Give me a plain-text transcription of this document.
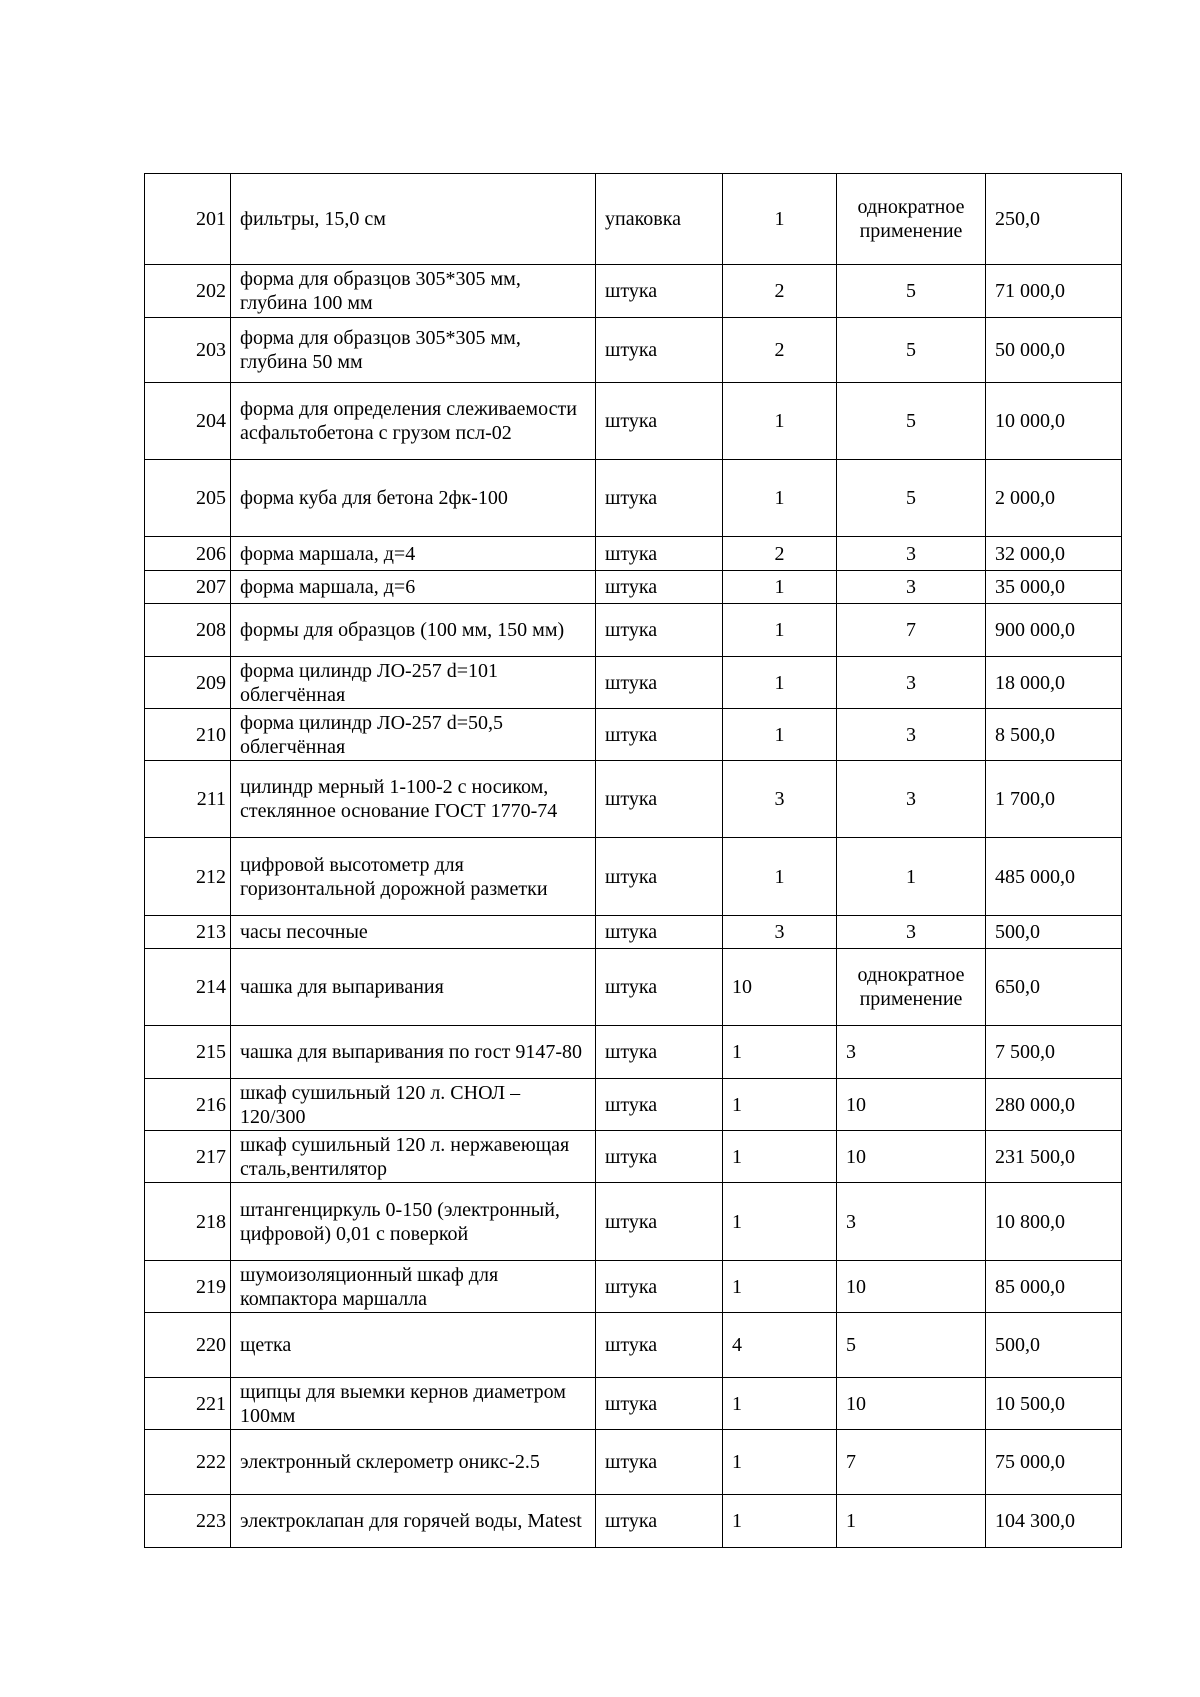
201	фильтры, 15,0 см	упаковка	1	однократное применение	250,0
202	форма для образцов 305*305 мм, глубина 100 мм	штука	2	5	71 000,0
203	форма для образцов 305*305 мм, глубина 50 мм	штука	2	5	50 000,0
204	форма для определения слеживаемости асфальтобетона с грузом псл-02	штука	1	5	10 000,0
205	форма куба для бетона 2фк-100	штука	1	5	2 000,0
206	форма маршала, д=4	штука	2	3	32 000,0
207	форма маршала, д=6	штука	1	3	35 000,0
208	формы для образцов (100 мм, 150 мм)	штука	1	7	900 000,0
209	форма цилиндр ЛО-257 d=101 облегчённая	штука	1	3	18 000,0
210	форма цилиндр ЛО-257 d=50,5 облегчённая	штука	1	3	8 500,0
211	цилиндр мерный 1-100-2 с носиком, стеклянное основание ГОСТ 1770-74	штука	3	3	1 700,0
212	цифровой высотометр для горизонтальной дорожной разметки	штука	1	1	485 000,0
213	часы песочные	штука	3	3	500,0
214	чашка для выпаривания	штука	10	однократное применение	650,0
215	чашка для выпаривания по гост 9147-80	штука	1	3	7 500,0
216	шкаф сушильный 120 л. СНОЛ – 120/300	штука	1	10	280 000,0
217	шкаф сушильный 120 л. нержавеющая сталь,вентилятор	штука	1	10	231 500,0
218	штангенциркуль 0-150 (электронный, цифровой) 0,01 с поверкой	штука	1	3	10 800,0
219	шумоизоляционный шкаф для компактора маршалла	штука	1	10	85 000,0
220	щетка	штука	4	5	500,0
221	щипцы для выемки кернов диаметром 100мм	штука	1	10	10 500,0
222	электронный склерометр оникс-2.5	штука	1	7	75 000,0
223	электроклапан для горячей воды, Matest	штука	1	1	104 300,0
